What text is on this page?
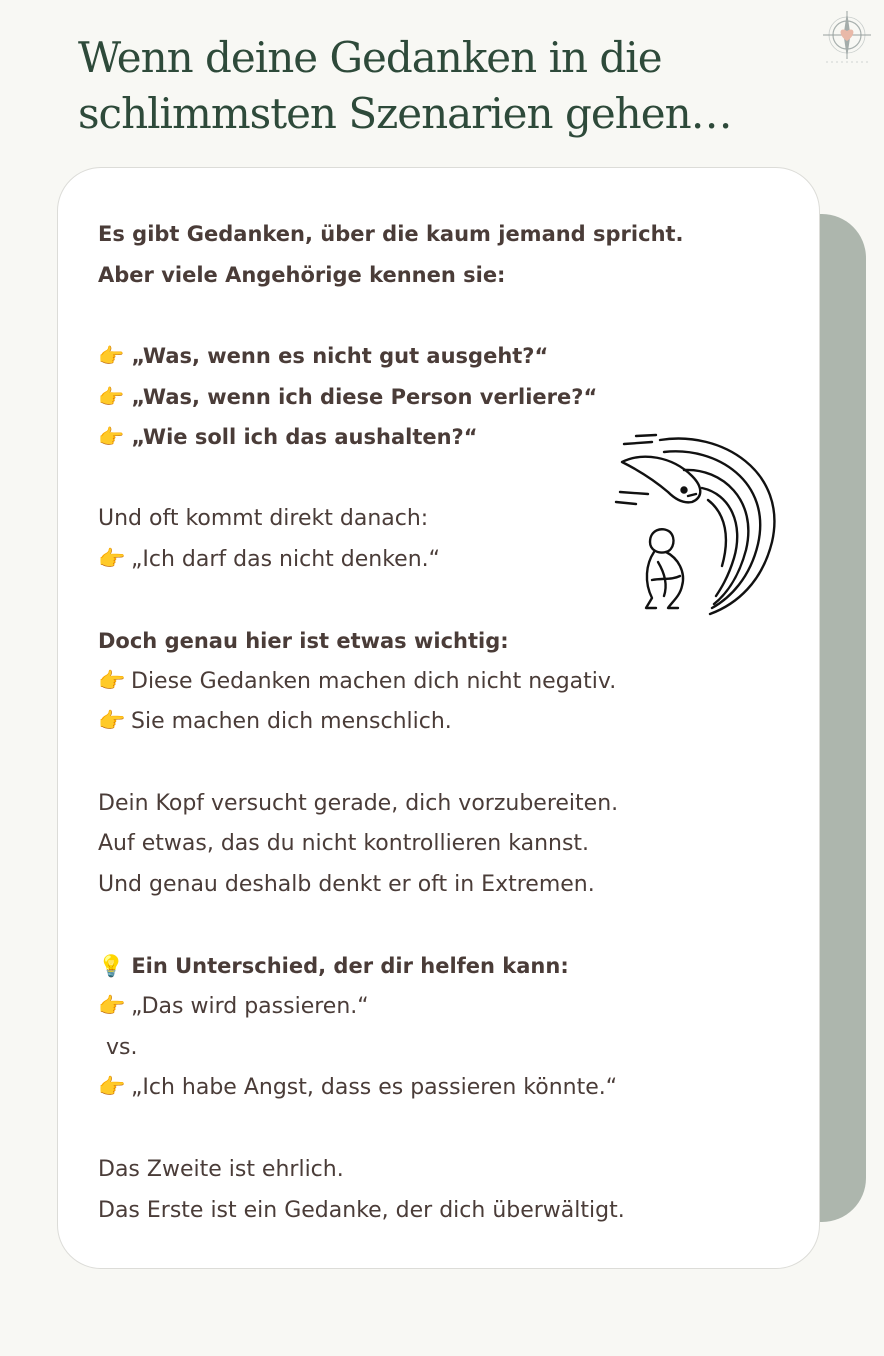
Wenn deine Gedanken in die
schlimmsten Szenarien gehen…
Es gibt Gedanken, über die kaum jemand spricht.
Aber viele Angehörige kennen sie:
👉 „Was, wenn es nicht gut ausgeht?“
👉 „Was, wenn ich diese Person verliere?“
👉 „Wie soll ich das aushalten?“
Und oft kommt direkt danach:
👉 „Ich darf das nicht denken.“
Doch genau hier ist etwas wichtig:
👉 Diese Gedanken machen dich nicht negativ.
👉 Sie machen dich menschlich.
Dein Kopf versucht gerade, dich vorzubereiten.
Auf etwas, das du nicht kontrollieren kannst.
Und genau deshalb denkt er oft in Extremen.
💡 Ein Unterschied, der dir helfen kann:
👉 „Das wird passieren.“
vs.
👉 „Ich habe Angst, dass es passieren könnte.“
Das Zweite ist ehrlich.
Das Erste ist ein Gedanke, der dich überwältigt.
